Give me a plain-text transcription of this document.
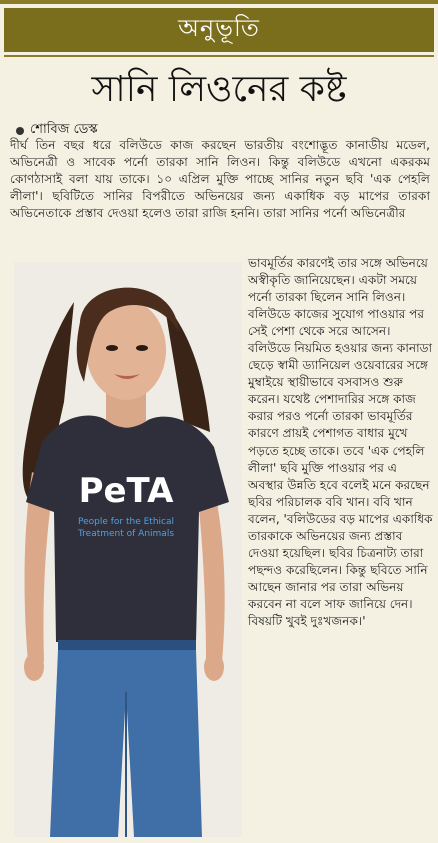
অনুভূতি
সানি লিওনের কষ্ট
শোবিজ ডেস্ক
দীর্ঘ তিন বছর ধরে বলিউডে কাজ করছেন ভারতীয় বংশোদ্ভূত কানাডীয় মডেল, অভিনেত্রী ও সাবেক পর্নো তারকা সানি লিওন। কিন্তু বলিউডে এখনো একরকম কোণঠাসাই বলা যায় তাকে। ১০ এপ্রিল মুক্তি পাচ্ছে সানির নতুন ছবি 'এক পেহলি লীলা'। ছবিটিতে সানির বিপরীতে অভিনয়ের জন্য একাধিক বড় মাপের তারকা অভিনেতাকে প্রস্তাব দেওয়া হলেও তারা রাজি হননি। তারা সানির পর্নো অভিনেত্রীর
PeTA
People for the Ethical
Treatment of Animals
ভাবমূর্তির কারণেই তার সঙ্গে অভিনয়ে অস্বীকৃতি জানিয়েছেন। একটা সময়ে পর্নো তারকা ছিলেন সানি লিওন। বলিউডে কাজের সুযোগ পাওয়ার পর সেই পেশা থেকে সরে আসেন। বলিউডে নিয়মিত হওয়ার জন্য কানাডা ছেড়ে স্বামী ড্যানিয়েল ওয়েবারের সঙ্গে মুম্বাইয়ে স্থায়ীভাবে বসবাসও শুরু করেন। যথেষ্ট পেশাদারির সঙ্গে কাজ করার পরও পর্নো তারকা ভাবমূর্তির কারণে প্রায়ই পেশাগত বাধার মুখে পড়তে হচ্ছে তাকে। তবে 'এক পেহলি লীলা' ছবি মুক্তি পাওয়ার পর এ অবস্থার উন্নতি হবে বলেই মনে করছেন ছবির পরিচালক ববি খান। ববি খান বলেন, 'বলিউডের বড় মাপের একাধিক তারকাকে অভিনয়ের জন্য প্রস্তাব দেওয়া হয়েছিল। ছবির চিত্রনাট্য তারা পছন্দও করেছিলেন। কিন্তু ছবিতে সানি আছেন জানার পর তারা অভিনয় করবেন না বলে সাফ জানিয়ে দেন। বিষয়টি খুবই দুঃখজনক।'
